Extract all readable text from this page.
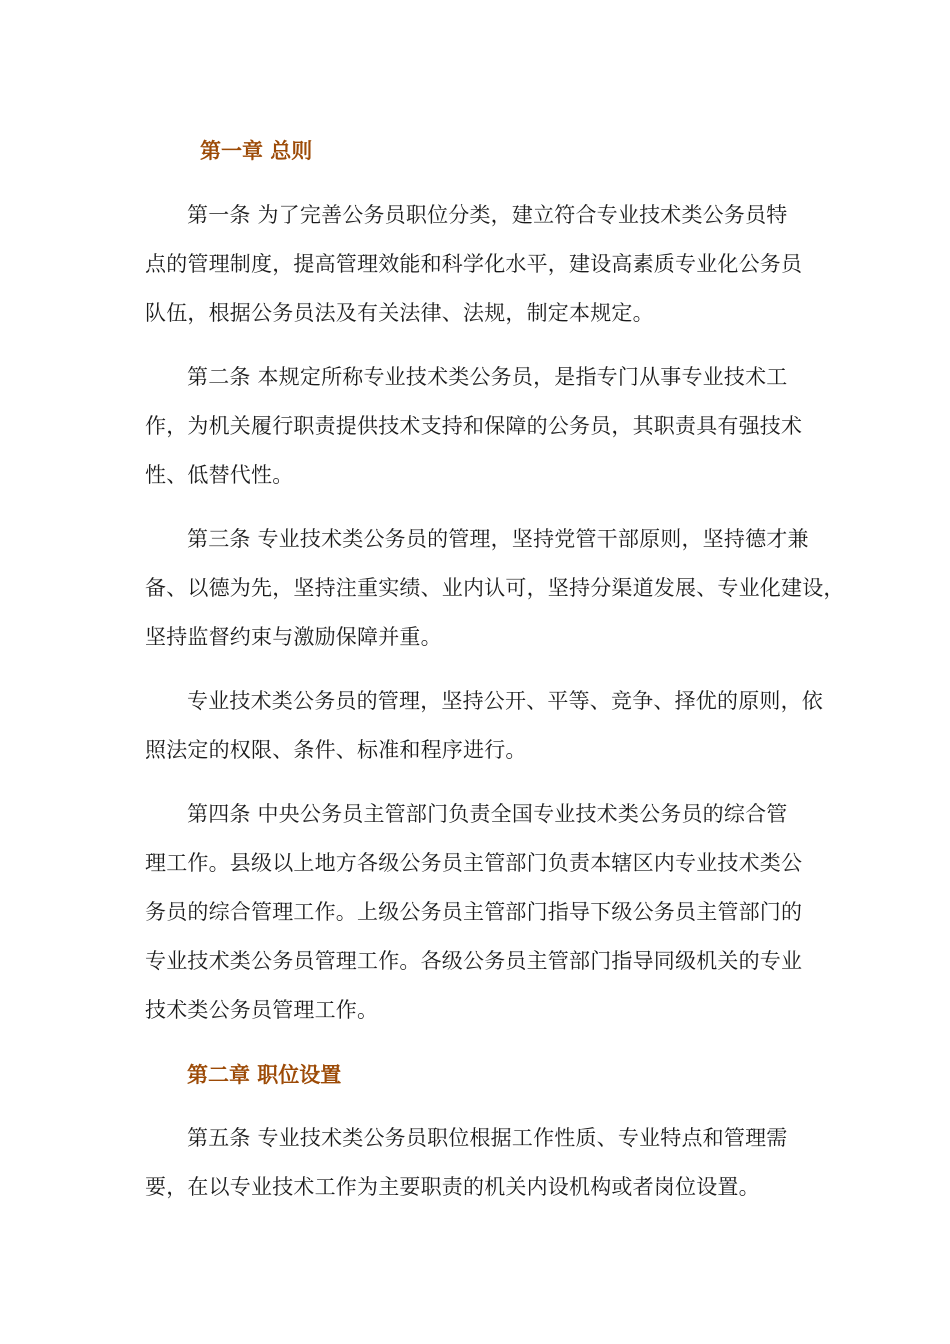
第一章 总则
第一条 为了完善公务员职位分类，建立符合专业技术类公务员特
点的管理制度，提高管理效能和科学化水平，建设高素质专业化公务员
队伍，根据公务员法及有关法律、法规，制定本规定。
第二条 本规定所称专业技术类公务员，是指专门从事专业技术工
作，为机关履行职责提供技术支持和保障的公务员，其职责具有强技术
性、低替代性。
第三条 专业技术类公务员的管理，坚持党管干部原则，坚持德才兼
备、以德为先，坚持注重实绩、业内认可，坚持分渠道发展、专业化建设，
坚持监督约束与激励保障并重。
专业技术类公务员的管理，坚持公开、平等、竞争、择优的原则，依
照法定的权限、条件、标准和程序进行。
第四条 中央公务员主管部门负责全国专业技术类公务员的综合管
理工作。县级以上地方各级公务员主管部门负责本辖区内专业技术类公
务员的综合管理工作。上级公务员主管部门指导下级公务员主管部门的
专业技术类公务员管理工作。各级公务员主管部门指导同级机关的专业
技术类公务员管理工作。
第二章 职位设置
第五条 专业技术类公务员职位根据工作性质、专业特点和管理需
要，在以专业技术工作为主要职责的机关内设机构或者岗位设置。
